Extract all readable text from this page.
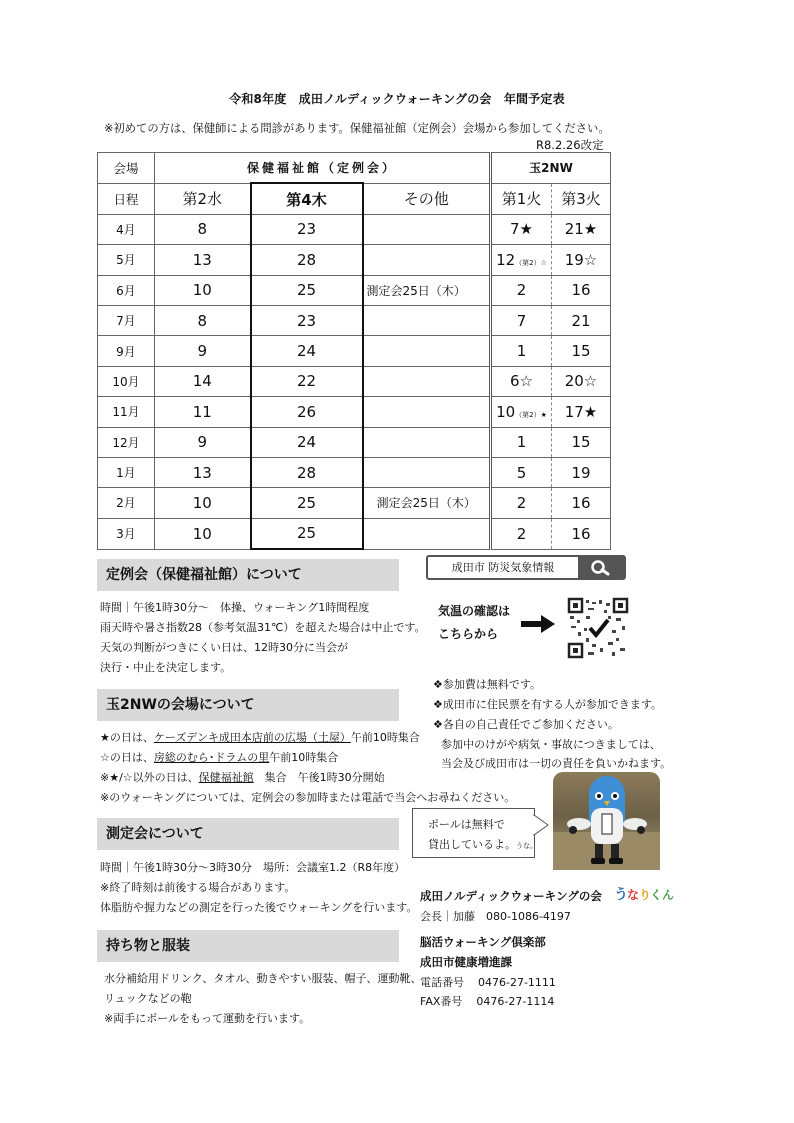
令和8年度　成田ノルディックウォーキングの会　年間予定表
※初めての方は、保健師による問診があります。保健福祉館（定例会）会場から参加してください。
R8.2.26改定
会場	保健福祉館（定例会）			玉2NW	
日程	第2水	第4木	その他	第1火	第3火
4月	8	23		7★	21★
5月	13	28		12（第2）☆	19☆
6月	10	25	測定会25日（木）	2	16
7月	8	23		7	21
9月	9	24		1	15
10月	14	22		6☆	20☆
11月	11	26		10（第2）★	17★
12月	9	24		1	15
1月	13	28		5	19
2月	10	25	測定会25日（木）	2	16
3月	10	25		2	16
定例会（保健福祉館）について
時間｜午後1時30分～　体操、ウォーキング1時間程度
雨天時や暑さ指数28（参考気温31℃）を超えた場合は中止です。
天気の判断がつきにくい日は、12時30分に当会が
決行・中止を決定します。
成田市 防災気象情報
気温の確認は
こちらから
❖参加費は無料です。
❖成田市に住民票を有する人が参加できます。
❖各自の自己責任でご参加ください。
参加中のけがや病気・事故につきましては、
当会及び成田市は一切の責任を負いかねます。
玉2NWの会場について
★の日は、ケーズデンキ成田本店前の広場（土屋）午前10時集合
☆の日は、房総のむら･ドラムの里午前10時集合
※★/☆以外の日は、保健福祉館　集合　午後1時30分開始
※のウォーキングについては、定例会の参加時または電話で当会へお尋ねください。
ポールは無料で
貸出しているよ。うな。
測定会について
時間｜午後1時30分～3時30分　場所：会議室1.2（R8年度）
※終了時刻は前後する場合があります。
体脂肪や握力などの測定を行った後でウォーキングを行います。
成田ノルディックウォーキングの会 う な り
くん
会長｜加藤　080-1086-4197
脳活ウォーキング倶楽部
成田市健康増進課
電話番号 0476-27-1111
FAX番号 0476-27-1114
持ち物と服装
水分補給用ドリンク、タオル、動きやすい服装、帽子、運動靴、
リュックなどの鞄
※両手にポールをもって運動を行います。
